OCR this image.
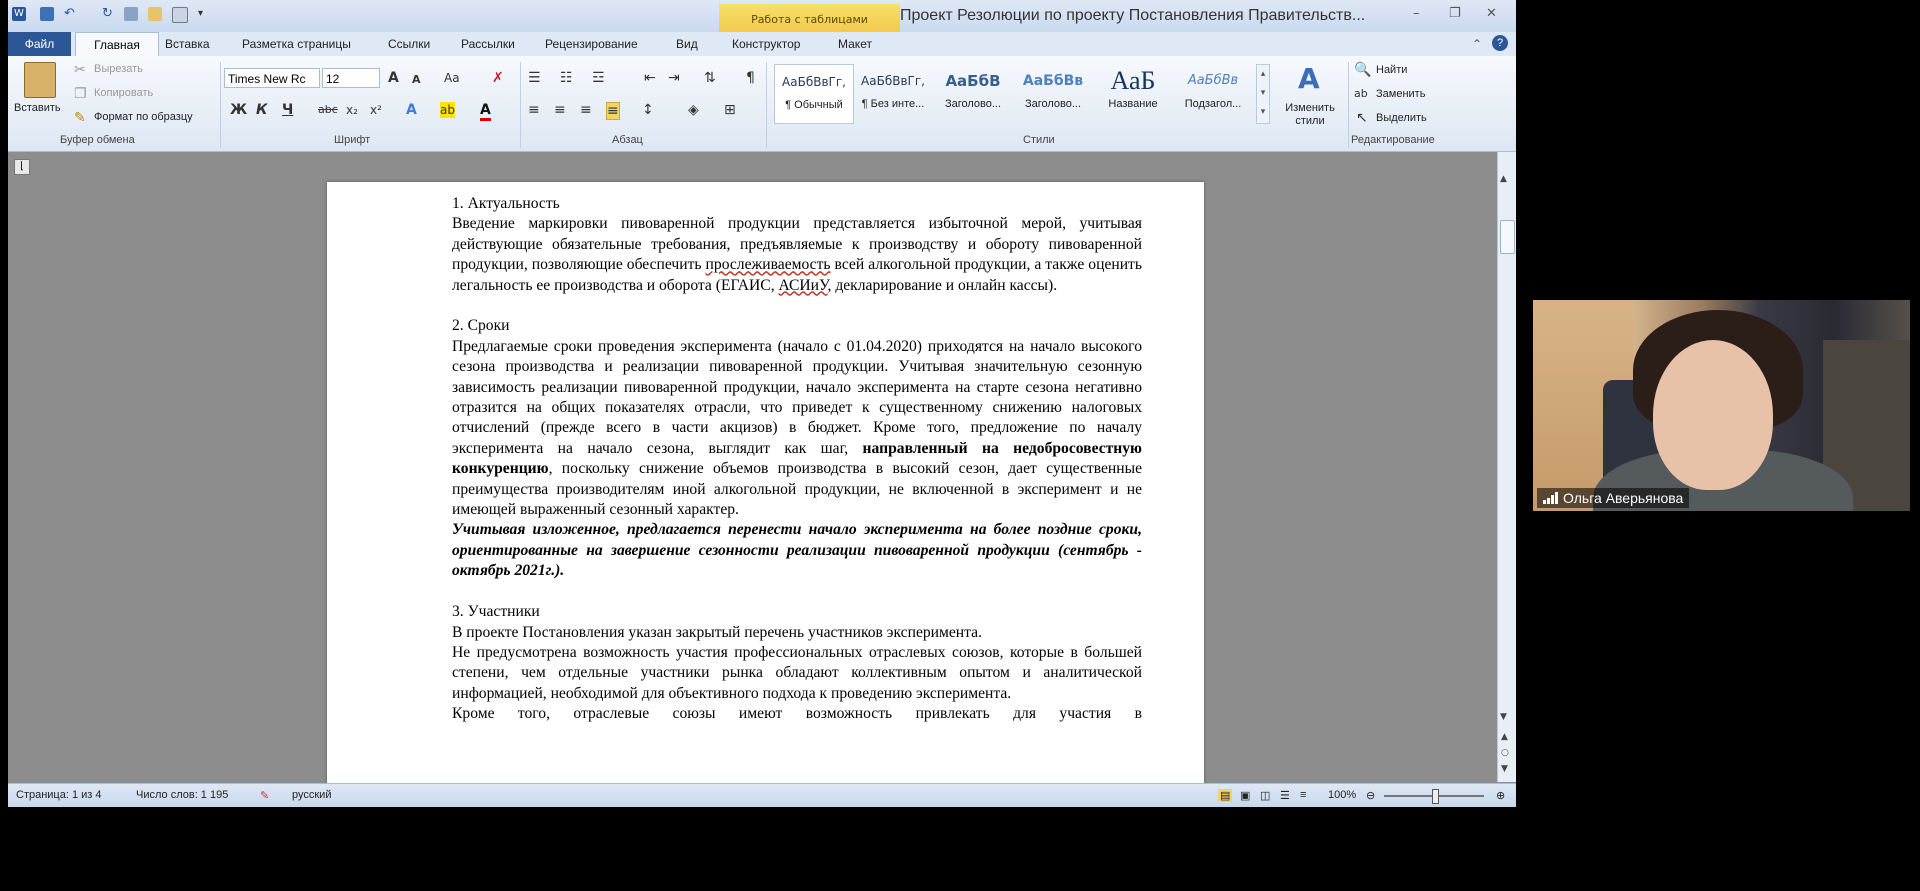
W	↶ ↻	▾	Работа с таблицами	Проект Резолюции по проекту Постановления Правительств...	– ❐ ✕
Файл	Главная	Вставка	Разметка страницы	Ссылки	Рассылки	Рецензирование	Вид	Конструктор	Макет	⌃	?
Вставить
✂ Вырезать
❐ Копировать
✎ Формат по образцу
Буфер обмена
Times New Rc	12	A A Aa ✗
Ж К Ч abc x₂ x² A ab A
Шрифт
☰ ☷ ☲	⇤ ⇥ ⇅ ¶
≡ ≡ ≡ ≡ ↕ ◈ ⊞
Абзац
АаБбВвГг,
¶ Обычный
АаБбВвГг,
¶ Без инте...
АаБбВ
Заголово...
АаБбВв
Заголово...
АаБ
Название
АаБбВв
Подзагол...
▴
▾
▾
A
Изменить стили
Стили
🔍 Найти
ab Заменить
↖ Выделить
Редактирование
⌊

1. Актуальность

Введение маркировки пивоваренной продукции представляется избыточной мерой, учитывая действующие обязательные требования, предъявляемые к производству и обороту пивоваренной продукции, позволяющие обеспечить прослеживаемость всей алкогольной продукции, а также оценить легальность ее производства и оборота (ЕГАИС, АСИиУ, декларирование и онлайн кассы).

2. Сроки

Предлагаемые сроки проведения эксперимента (начало с 01.04.2020) приходятся на начало высокого сезона производства и реализации пивоваренной продукции. Учитывая значительную сезонную зависимость реализации пивоваренной продукции, начало эксперимента на старте сезона негативно отразится на общих показателях отрасли, что приведет к существенному снижению налоговых отчислений (прежде всего в части акцизов) в бюджет. Кроме того, предложение по началу эксперимента на начало сезона, выглядит как шаг, направленный на недобросовестную конкуренцию, поскольку снижение объемов производства в высокий сезон, дает существенные преимущества производителям иной алкогольной продукции, не включенной в эксперимент и не имеющей выраженный сезонный характер.

Учитывая изложенное, предлагается перенести начало эксперимента на более поздние сроки, ориентированные на завершение сезонности реализации пивоваренной продукции (сентябрь - октябрь 2021г.).

3. Участники

В проекте Постановления указан закрытый перечень участников эксперимента.

Не предусмотрена возможность участия профессиональных отраслевых союзов, которые в большей степени, чем отдельные участники рынка обладают коллективным опытом и аналитической информацией, необходимой для объективного подхода к проведению эксперимента.

Кроме того, отраслевые союзы имеют возможность привлекать для участия в

▲
▼
▲
○
▼
Страница: 1 из 4	Число слов: 1 195	✎ русский	▤ ▣ ◫ ☰ ≡ 100% ⊖	⊕
Ольга Аверьянова
